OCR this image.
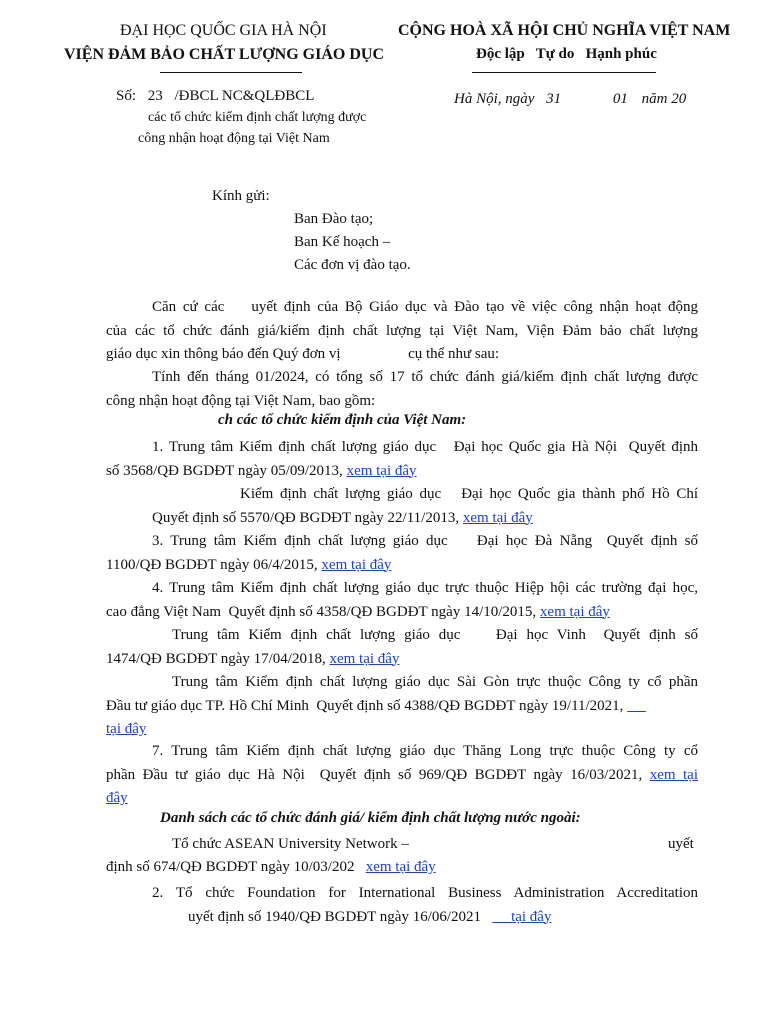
ĐẠI HỌC QUỐC GIA HÀ NỘI
VIỆN ĐẢM BẢO CHẤT LƯỢNG GIÁO DỤC
CỘNG HOÀ XÃ HỘI CHỦ NGHĨA VIỆT NAM
Độc lập   Tự do   Hạnh phúc
Số: 23 /ĐBCL NC&QLĐBCL
các tổ chức kiểm định chất lượng được
công nhận hoạt động tại Việt Nam
Hà Nội, ngày 31	01 năm 20
Kính gửi:
Ban Đào tạo;
Ban Kế hoạch –
Các đơn vị đào tạo.
Căn cứ các    uyết định của Bộ Giáo dục và Đào tạo về việc công nhận hoạt động
của các tổ chức đánh giá/kiểm định chất lượng tại Việt Nam, Viện Đảm bảo chất lượng
giáo dục xin thông báo đến Quý đơn vị                  cụ thể như sau:
Tính đến tháng 01/2024, có tổng số 17 tổ chức đánh giá/kiểm định chất lượng được
công nhận hoạt động tại Việt Nam, bao gồm:
ch các tổ chức kiểm định của Việt Nam:
1. Trung tâm Kiểm định chất lượng giáo dục   Đại học Quốc gia Hà Nội  Quyết định
số 3568/QĐ BGDĐT ngày 05/09/2013, xem tại đây
Kiểm định chất lượng giáo dục   Đại học Quốc gia thành phố Hồ Chí
Quyết định số 5570/QĐ BGDĐT ngày 22/11/2013, xem tại đây
3. Trung tâm Kiểm định chất lượng giáo dục    Đại học Đà Nẵng  Quyết định số
1100/QĐ BGDĐT ngày 06/4/2015, xem tại đây
4. Trung tâm Kiểm định chất lượng giáo dục trực thuộc Hiệp hội các trường đại học,
cao đẳng Việt Nam  Quyết định số 4358/QĐ BGDĐT ngày 14/10/2015, xem tại đây
Trung tâm Kiểm định chất lượng giáo dục    Đại học Vinh  Quyết định số
1474/QĐ BGDĐT ngày 17/04/2018, xem tại đây
Trung tâm Kiểm định chất lượng giáo dục Sài Gòn trực thuộc Công ty cổ phần
Đầu tư giáo dục TP. Hồ Chí Minh  Quyết định số 4388/QĐ BGDĐT ngày 19/11/2021,
tại đây
7. Trung tâm Kiểm định chất lượng giáo dục Thăng Long trực thuộc Công ty cổ
phần Đầu tư giáo dục Hà Nội  Quyết định số 969/QĐ BGDĐT ngày 16/03/2021, xem tại
đây
Danh sách các tổ chức đánh giá/ kiểm định chất lượng nước ngoài:
Tổ chức ASEAN University Network –	uyết
định số 674/QĐ BGDĐT ngày 10/03/202   xem tại đây
2. Tổ chức Foundation for International Business Administration Accreditation
uyết định số 1940/QĐ BGDĐT ngày 16/06/2021        tại đây
